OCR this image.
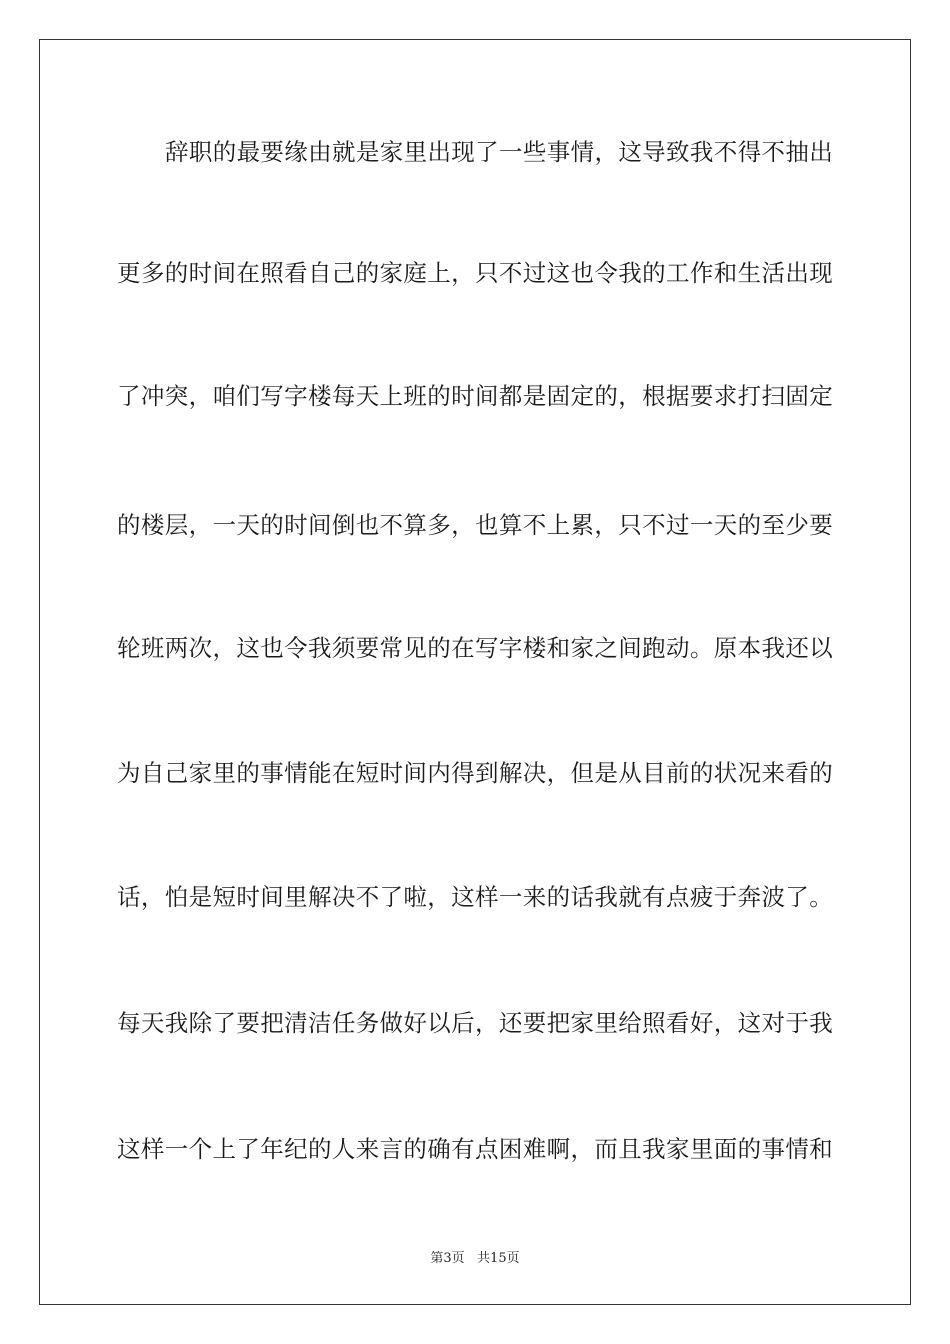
辞职的最要缘由就是家里出现了一些事情，这导致我不得不抽出
更多的时间在照看自己的家庭上，只不过这也令我的工作和生活出现
了冲突，咱们写字楼每天上班的时间都是固定的，根据要求打扫固定
的楼层，一天的时间倒也不算多，也算不上累，只不过一天的至少要
轮班两次，这也令我须要常见的在写字楼和家之间跑动。原本我还以
为自己家里的事情能在短时间内得到解决，但是从目前的状况来看的
话，怕是短时间里解决不了啦，这样一来的话我就有点疲于奔波了。
每天我除了要把清洁任务做好以后，还要把家里给照看好，这对于我
这样一个上了年纪的人来言的确有点困难啊，而且我家里面的事情和
第3页   共15页
